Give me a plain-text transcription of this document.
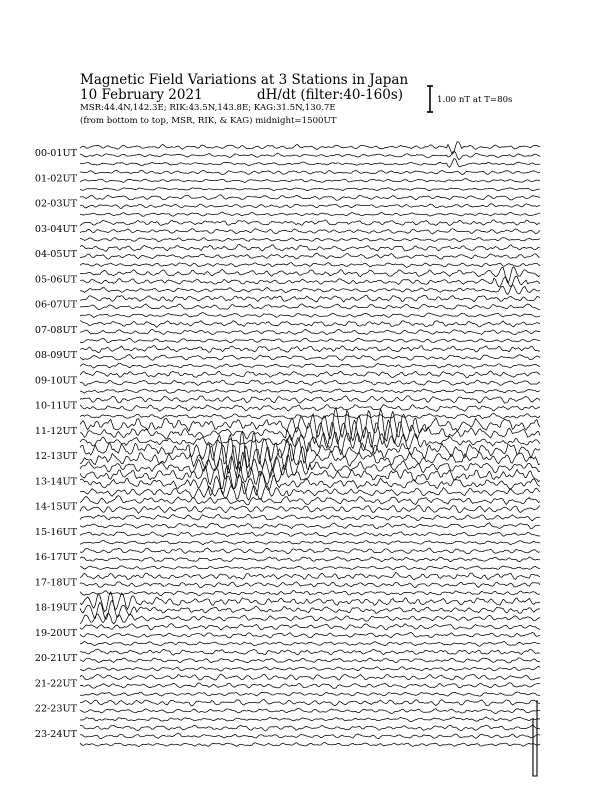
Magnetic Field Variations at 3 Stations in Japan
10 February 2021	dH/dt (filter:40-160s)
MSR:44.4N,142.3E; RIK:43.5N,143.8E; KAG:31.5N,130.7E
(from bottom to top, MSR, RIK, & KAG) midnight=1500UT
1.00 nT at T=80s
00-01UT
01-02UT
02-03UT
03-04UT
04-05UT
05-06UT
06-07UT
07-08UT
08-09UT
09-10UT
10-11UT
11-12UT
12-13UT
13-14UT
14-15UT
15-16UT
16-17UT
17-18UT
18-19UT
19-20UT
20-21UT
21-22UT
22-23UT
23-24UT
